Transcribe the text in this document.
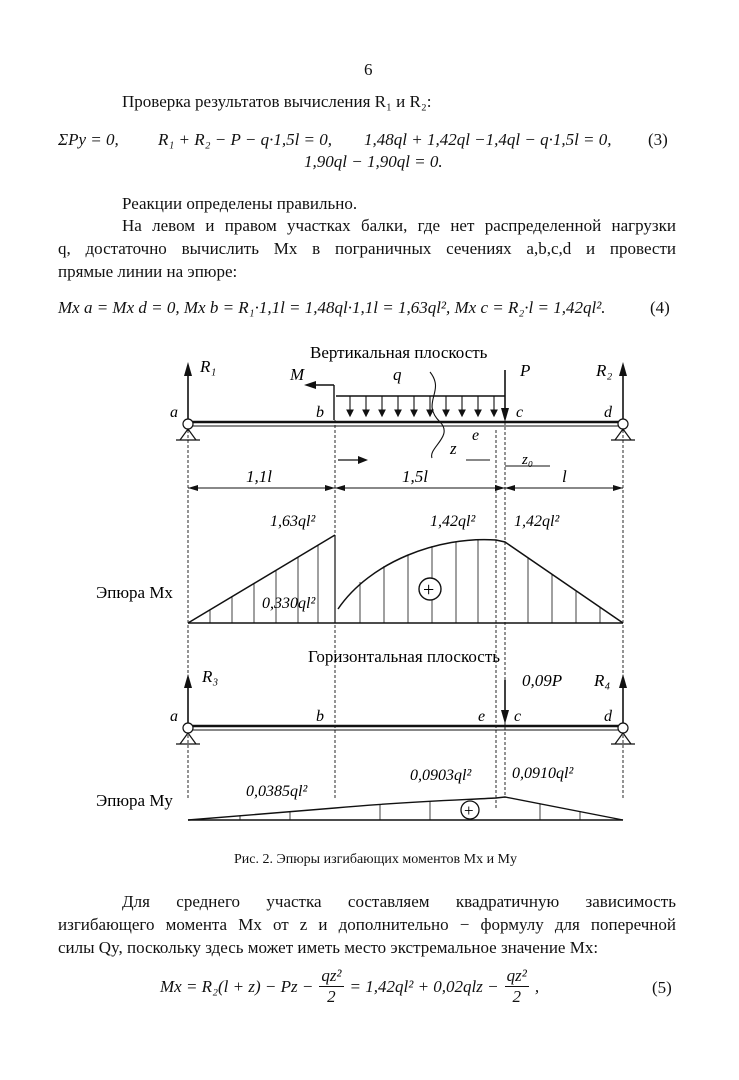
6
Проверка результатов вычисления R₁ и R₂:
ΣPy = 0, R₁ + R₂ − P − q·1,5l = 0, 1,48ql + 1,42ql −1,4ql − q·1,5l = 0, (3)
1,90ql − 1,90ql = 0.
Реакции определены правильно.
На левом и правом участках балки, где нет распределенной нагрузки
q, достаточно вычислить Mx в пограничных сечениях a,b,c,d и провести
прямые линии на эпюре:
Mx a = Mx d = 0, Mx b = R₁·1,1l = 1,48ql·1,1l = 1,63ql², Mx c = R₂·l = 1,42ql².	(4)
Вертикальная плоскость
R₁	R₂
M	q	P
a	b	c	d
e
z
z₀
1,1l	1,5l	l
Эпюра Mx
1,63ql²
0,330ql²
1,42ql² 1,42ql²
+
Горизонтальная плоскость
R₃	R₄
0,09P
a	b	e c	d
Эпюра My	0,0385ql²
0,0903ql²	0,0910ql²
+
Рис. 2. Эпюры изгибающих моментов Mx и My
Для среднего участка составляем квадратичную зависимость
изгибающего момента Mx от z и дополнительно − формулу для поперечной
силы Qy, поскольку здесь может иметь место экстремальное значение Mx:
$Mx = R_2(l + z) - Pz - \frac{\text{qz²}}{2} = 1,42ql^2 + 0,02qlz - \frac{\text{qz²}}{2}$ ,	(5)
